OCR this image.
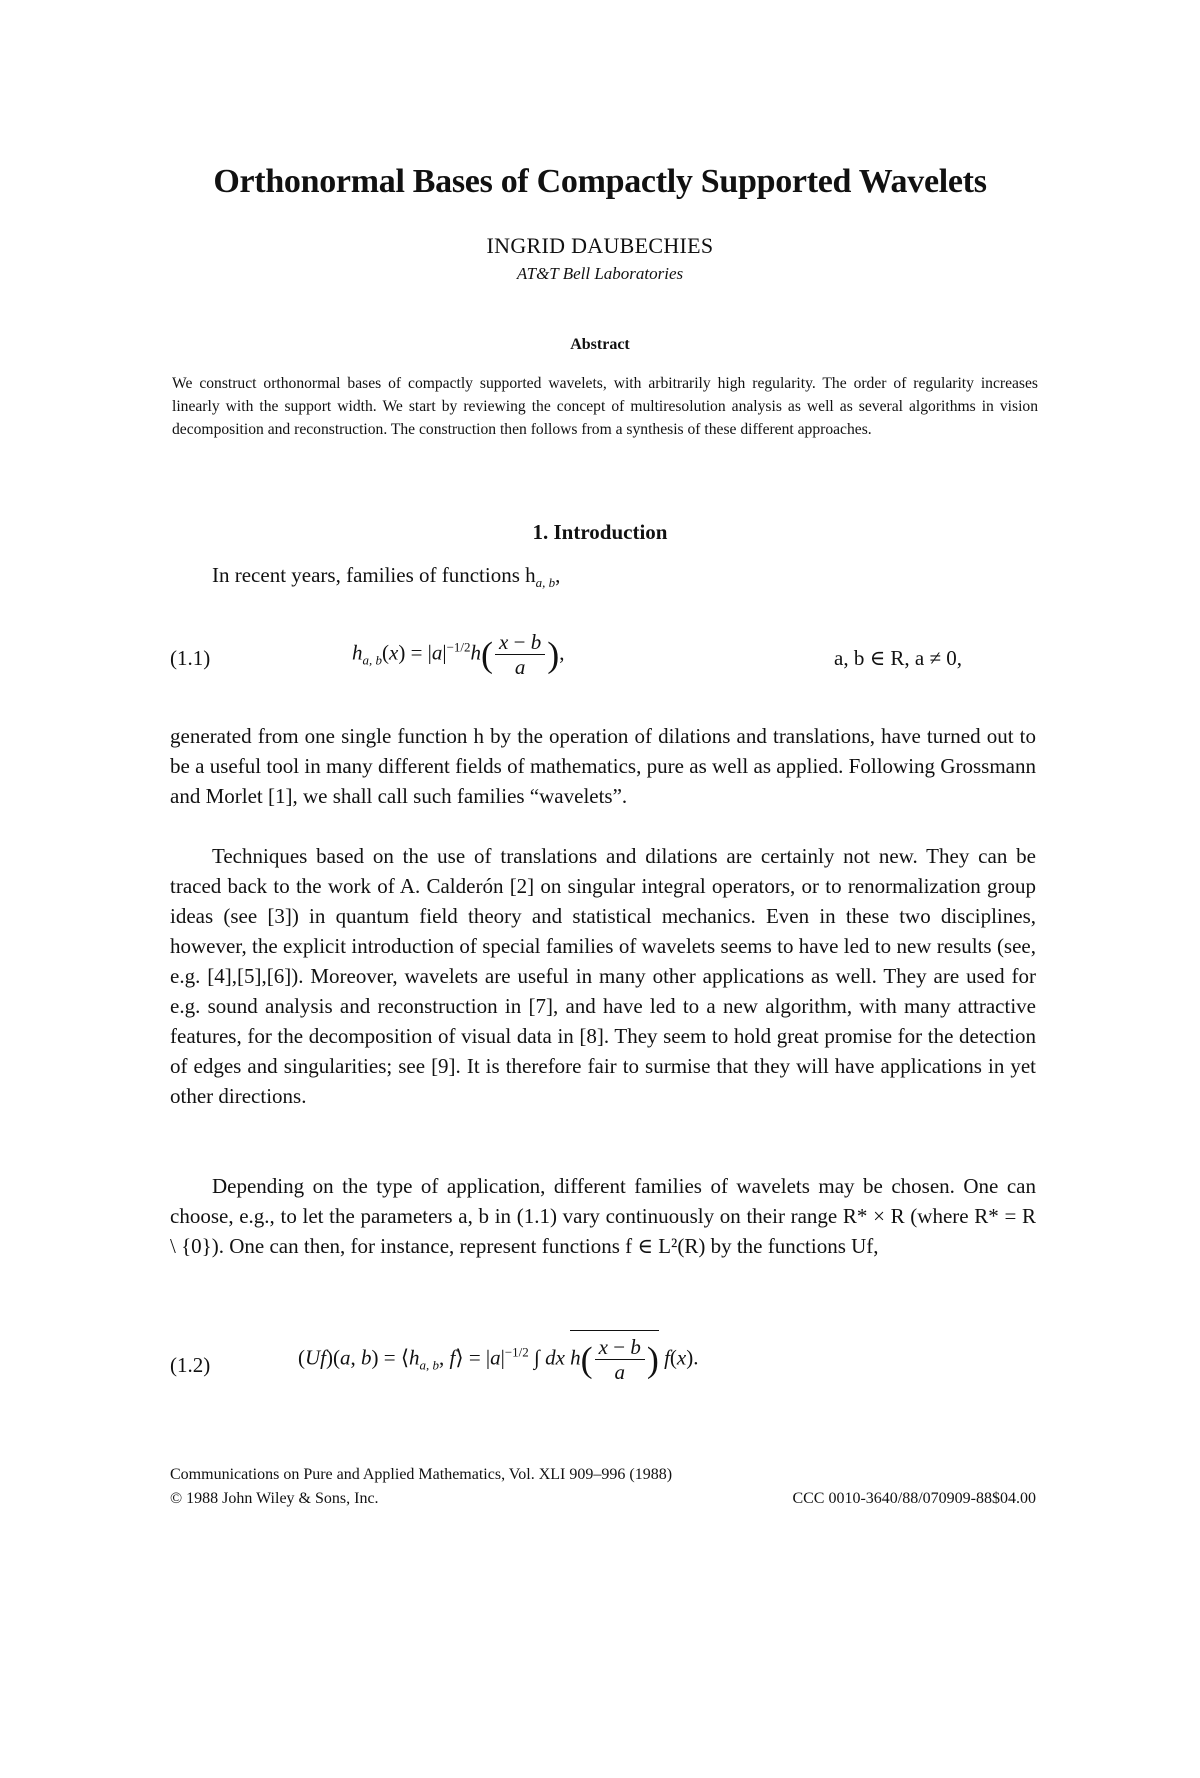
Orthonormal Bases of Compactly Supported Wavelets
INGRID DAUBECHIES
AT&T Bell Laboratories
Abstract
We construct orthonormal bases of compactly supported wavelets, with arbitrarily high regularity. The order of regularity increases linearly with the support width. We start by reviewing the concept of multiresolution analysis as well as several algorithms in vision decomposition and reconstruction. The construction then follows from a synthesis of these different approaches.
1. Introduction
In recent years, families of functions $h_{a, b}$,
(1.1)	$h_{a, b}(x) = |a|^{-1/2}h( \frac{x - b}{a}$ ),	a, b ∈ R, a ≠ 0,

generated from one single function h by the operation of dilations and translations, have turned out to be a useful tool in many different fields of mathematics, pure as well as applied. Following Grossmann and Morlet [1], we shall call such families “wavelets”.

Techniques based on the use of translations and dilations are certainly not new. They can be traced back to the work of A. Calderón [2] on singular integral operators, or to renormalization group ideas (see [3]) in quantum field theory and statistical mechanics. Even in these two disciplines, however, the explicit introduction of special families of wavelets seems to have led to new results (see, e.g. [4],[5],[6]). Moreover, wavelets are useful in many other applications as well. They are used for e.g. sound analysis and reconstruction in [7], and have led to a new algorithm, with many attractive features, for the decomposition of visual data in [8]. They seem to hold great promise for the detection of edges and singularities; see [9]. It is therefore fair to surmise that they will have applications in yet other directions.

Depending on the type of application, different families of wavelets may be chosen. One can choose, e.g., to let the parameters a, b in (1.1) vary continuously on their range R* × R (where R* = R \ {0}). One can then, for instance, represent functions f ∈ L²(R) by the functions Uf,

(1.2)	(Uf)(a, $b) = ⟨h_{a, b}$, f⟩ = $|a|^{-1/2}$ ∫ dx $h( \frac{x - b}{a}$ ) f(x).
Communications on Pure and Applied Mathematics, Vol. XLI 909–996 (1988)
© 1988 John Wiley & Sons, Inc.	CCC 0010-3640/88/070909-88$04.00
